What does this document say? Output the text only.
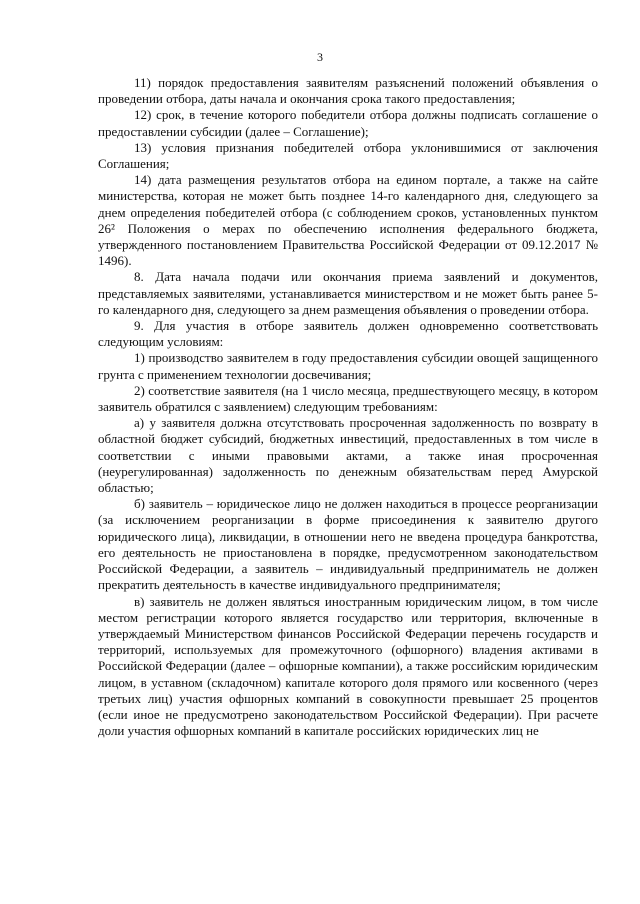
3

11) порядок предоставления заявителям разъяснений положений объявления о проведении отбора, даты начала и окончания срока такого предоставления;

12) срок, в течение которого победители отбора должны подписать соглашение о предоставлении субсидии (далее – Соглашение);

13) условия признания победителей отбора уклонившимися от заключения Соглашения;

14) дата размещения результатов отбора на едином портале, а также на сайте министерства, которая не может быть позднее 14-го календарного дня, следующего за днем определения победителей отбора (с соблюдением сроков, установленных пунктом 26² Положения о мерах по обеспечению исполнения федерального бюджета, утвержденного постановлением Правительства Российской Федерации от 09.12.2017 № 1496).

8. Дата начала подачи или окончания приема заявлений и документов, представляемых заявителями, устанавливается министерством и не может быть ранее 5-го календарного дня, следующего за днем размещения объявления о проведении отбора.

9. Для участия в отборе заявитель должен одновременно соответствовать следующим условиям:

1) производство заявителем в году предоставления субсидии овощей защищенного грунта с применением технологии досвечивания;

2) соответствие заявителя (на 1 число месяца, предшествующего месяцу, в котором заявитель обратился с заявлением) следующим требованиям:

а) у заявителя должна отсутствовать просроченная задолженность по возврату в областной бюджет субсидий, бюджетных инвестиций, предоставленных в том числе в соответствии с иными правовыми актами, а также иная просроченная (неурегулированная) задолженность по денежным обязательствам перед Амурской областью;

б) заявитель – юридическое лицо не должен находиться в процессе реорганизации (за исключением реорганизации в форме присоединения к заявителю другого юридического лица), ликвидации, в отношении него не введена процедура банкротства, его деятельность не приостановлена в порядке, предусмотренном законодательством Российской Федерации, а заявитель – индивидуальный предприниматель не должен прекратить деятельность в качестве индивидуального предпринимателя;

в) заявитель не должен являться иностранным юридическим лицом, в том числе местом регистрации которого является государство или территория, включенные в утверждаемый Министерством финансов Российской Федерации перечень государств и территорий, используемых для промежуточного (офшорного) владения активами в Российской Федерации (далее – офшорные компании), а также российским юридическим лицом, в уставном (складочном) капитале которого доля прямого или косвенного (через третьих лиц) участия офшорных компаний в совокупности превышает 25 процентов (если иное не предусмотрено законодательством Российской Федерации). При расчете доли участия офшорных компаний в капитале российских юридических лиц не
